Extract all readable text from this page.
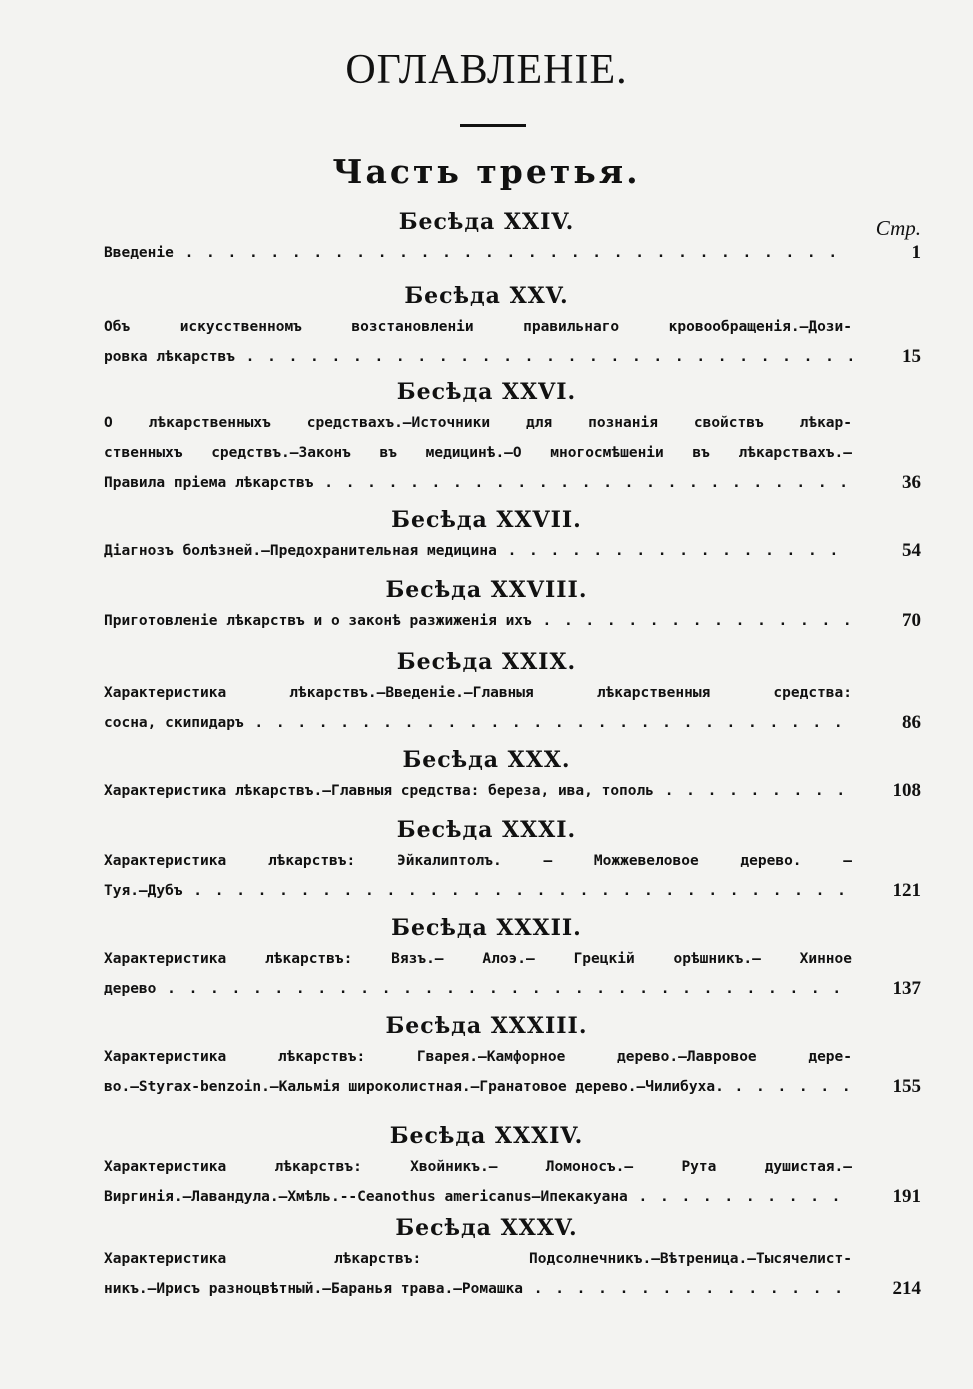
ОГЛАВЛЕНІЕ.
Часть третья.
Стр.
Бесѣда XXIV.
Введеніе . . .	1
Бесѣда XXV.
Объ искусственномъ возстановленіи правильнаго кровообращенія.—Дози-
ровка лѣкарствъ . . .	15
Бесѣда XXVI.
О лѣкарственныхъ средствахъ.—Источники для познанія свойствъ лѣкар-
ственныхъ средствъ.—Законъ въ медицинѣ.—О многосмѣшеніи въ лѣкарствахъ.—
Правила пріема лѣкарствъ . . .	36
Бесѣда XXVII.
Діагнозъ болѣзней.—Предохранительная медицина . . .	54
Бесѣда XXVIII.
Приготовленіе лѣкарствъ и о законѣ разжиженія ихъ . . .	70
Бесѣда XXIX.
Характеристика лѣкарствъ.—Введеніе.—Главныя лѣкарственныя средства:
сосна, скипидаръ . . .	86
Бесѣда XXX.
Характеристика лѣкарствъ.—Главныя средства: береза, ива, тополь . . .	108
Бесѣда XXXI.
Характеристика лѣкарствъ: Эйкалиптолъ. — Можжевеловое дерево. —
Туя.—Дубъ . . .	121
Бесѣда XXXII.
Характеристика лѣкарствъ: Вязъ.— Алоэ.— Грецкій орѣшникъ.— Хинное
дерево . . .	137
Бесѣда XXXIII.
Характеристика лѣкарствъ: Гварея.—Камфорное дерево.—Лавровое дере-
во.—Styrax-benzoin.—Кальмія широколистная.—Гранатовое дерево.—Чилибуха. . . .	155
Бесѣда XXXIV.
Характеристика лѣкарствъ: Хвойникъ.— Ломоносъ.— Рута душистая.—
Виргинія.—Лавандула.—Хмѣль.--Ceanothus americanus—Ипекакуана . . .	191
Бесѣда XXXV.
Характеристика лѣкарствъ: Подсолнечникъ.—Вѣтреница.—Тысячелист-
никъ.—Ирисъ разноцвѣтный.—Баранья трава.—Ромашка . . .	214
